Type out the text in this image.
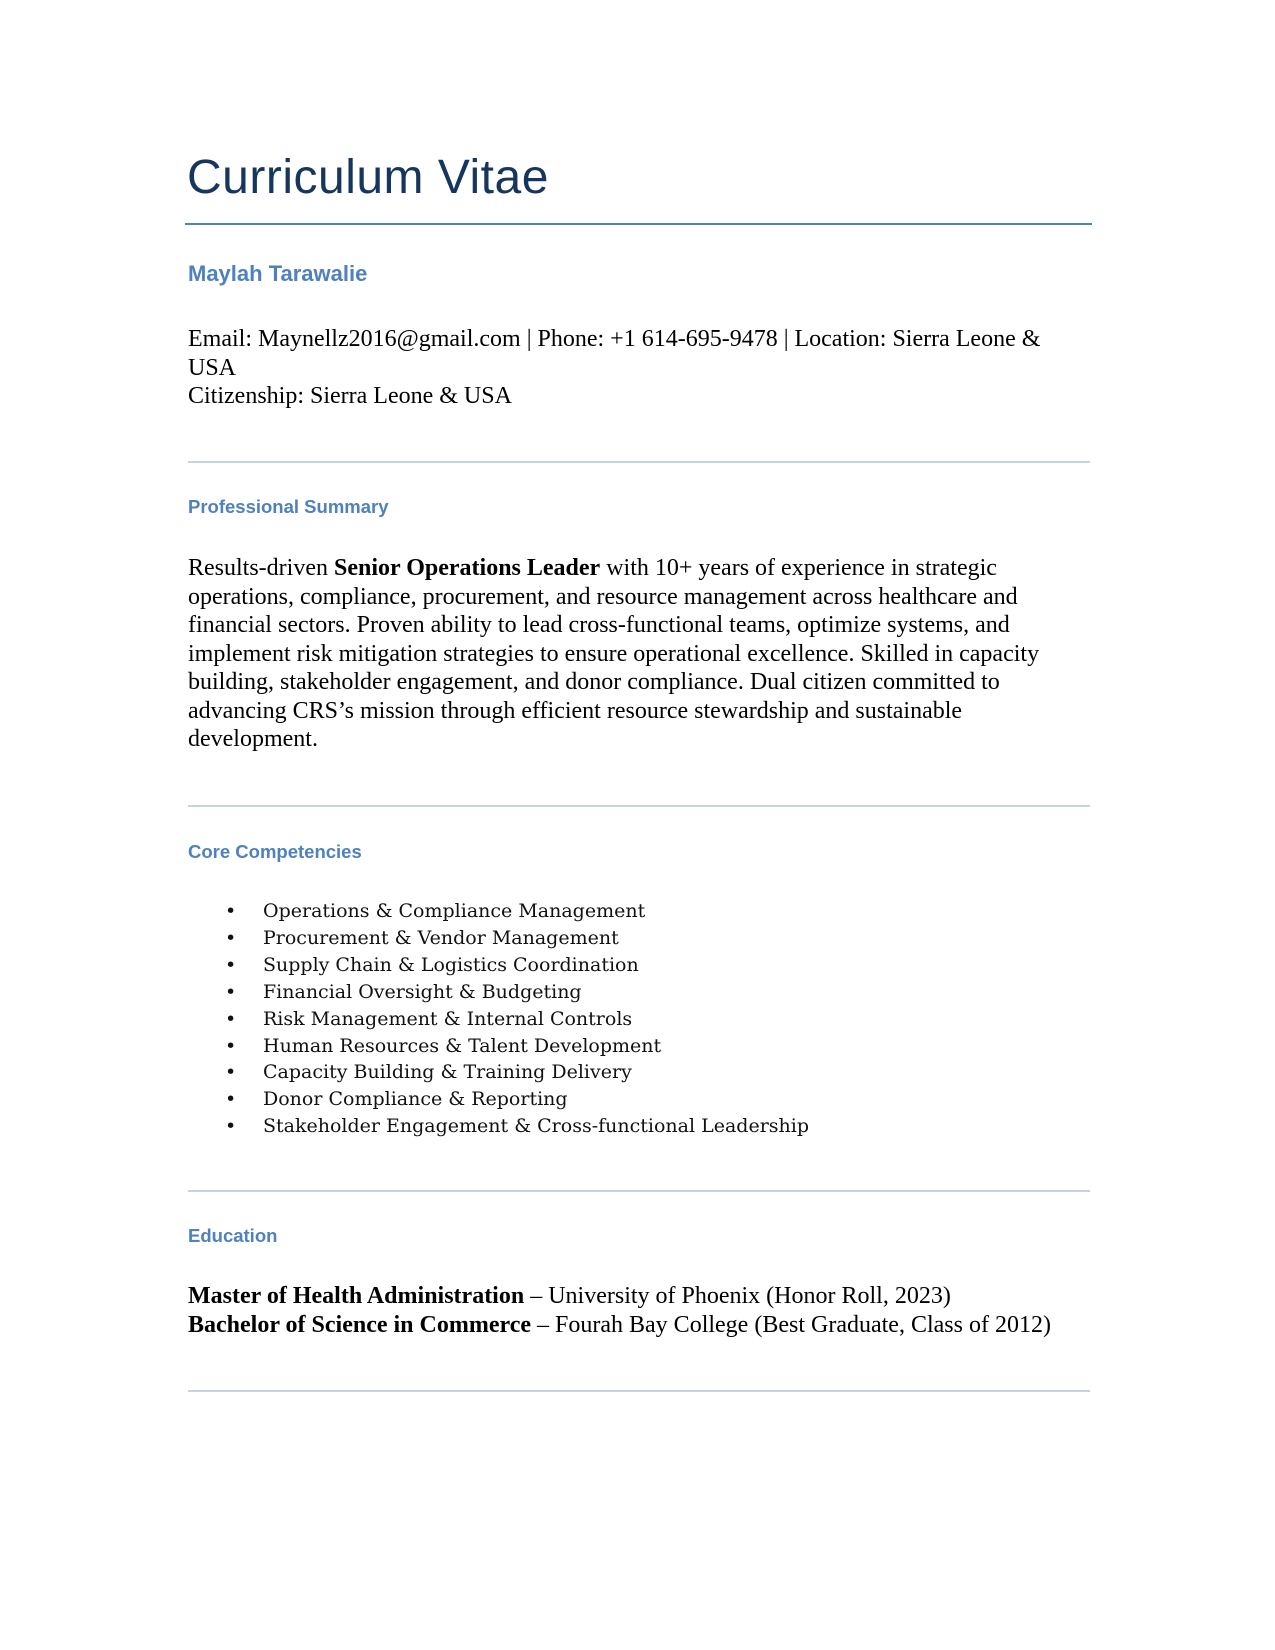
Curriculum Vitae
Maylah Tarawalie
Email: Maynellz2016@gmail.com | Phone: +1 614-695-9478 | Location: Sierra Leone & USA
Citizenship: Sierra Leone & USA
Professional Summary
Results-driven Senior Operations Leader with 10+ years of experience in strategic operations, compliance, procurement, and resource management across healthcare and financial sectors. Proven ability to lead cross-functional teams, optimize systems, and implement risk mitigation strategies to ensure operational excellence. Skilled in capacity building, stakeholder engagement, and donor compliance. Dual citizen committed to advancing CRS’s mission through efficient resource stewardship and sustainable development.
Core Competencies
• Operations & Compliance Management
• Procurement & Vendor Management
• Supply Chain & Logistics Coordination
• Financial Oversight & Budgeting
• Risk Management & Internal Controls
• Human Resources & Talent Development
• Capacity Building & Training Delivery
• Donor Compliance & Reporting
• Stakeholder Engagement & Cross-functional Leadership
Education
Master of Health Administration – University of Phoenix (Honor Roll, 2023)
Bachelor of Science in Commerce – Fourah Bay College (Best Graduate, Class of 2012)
